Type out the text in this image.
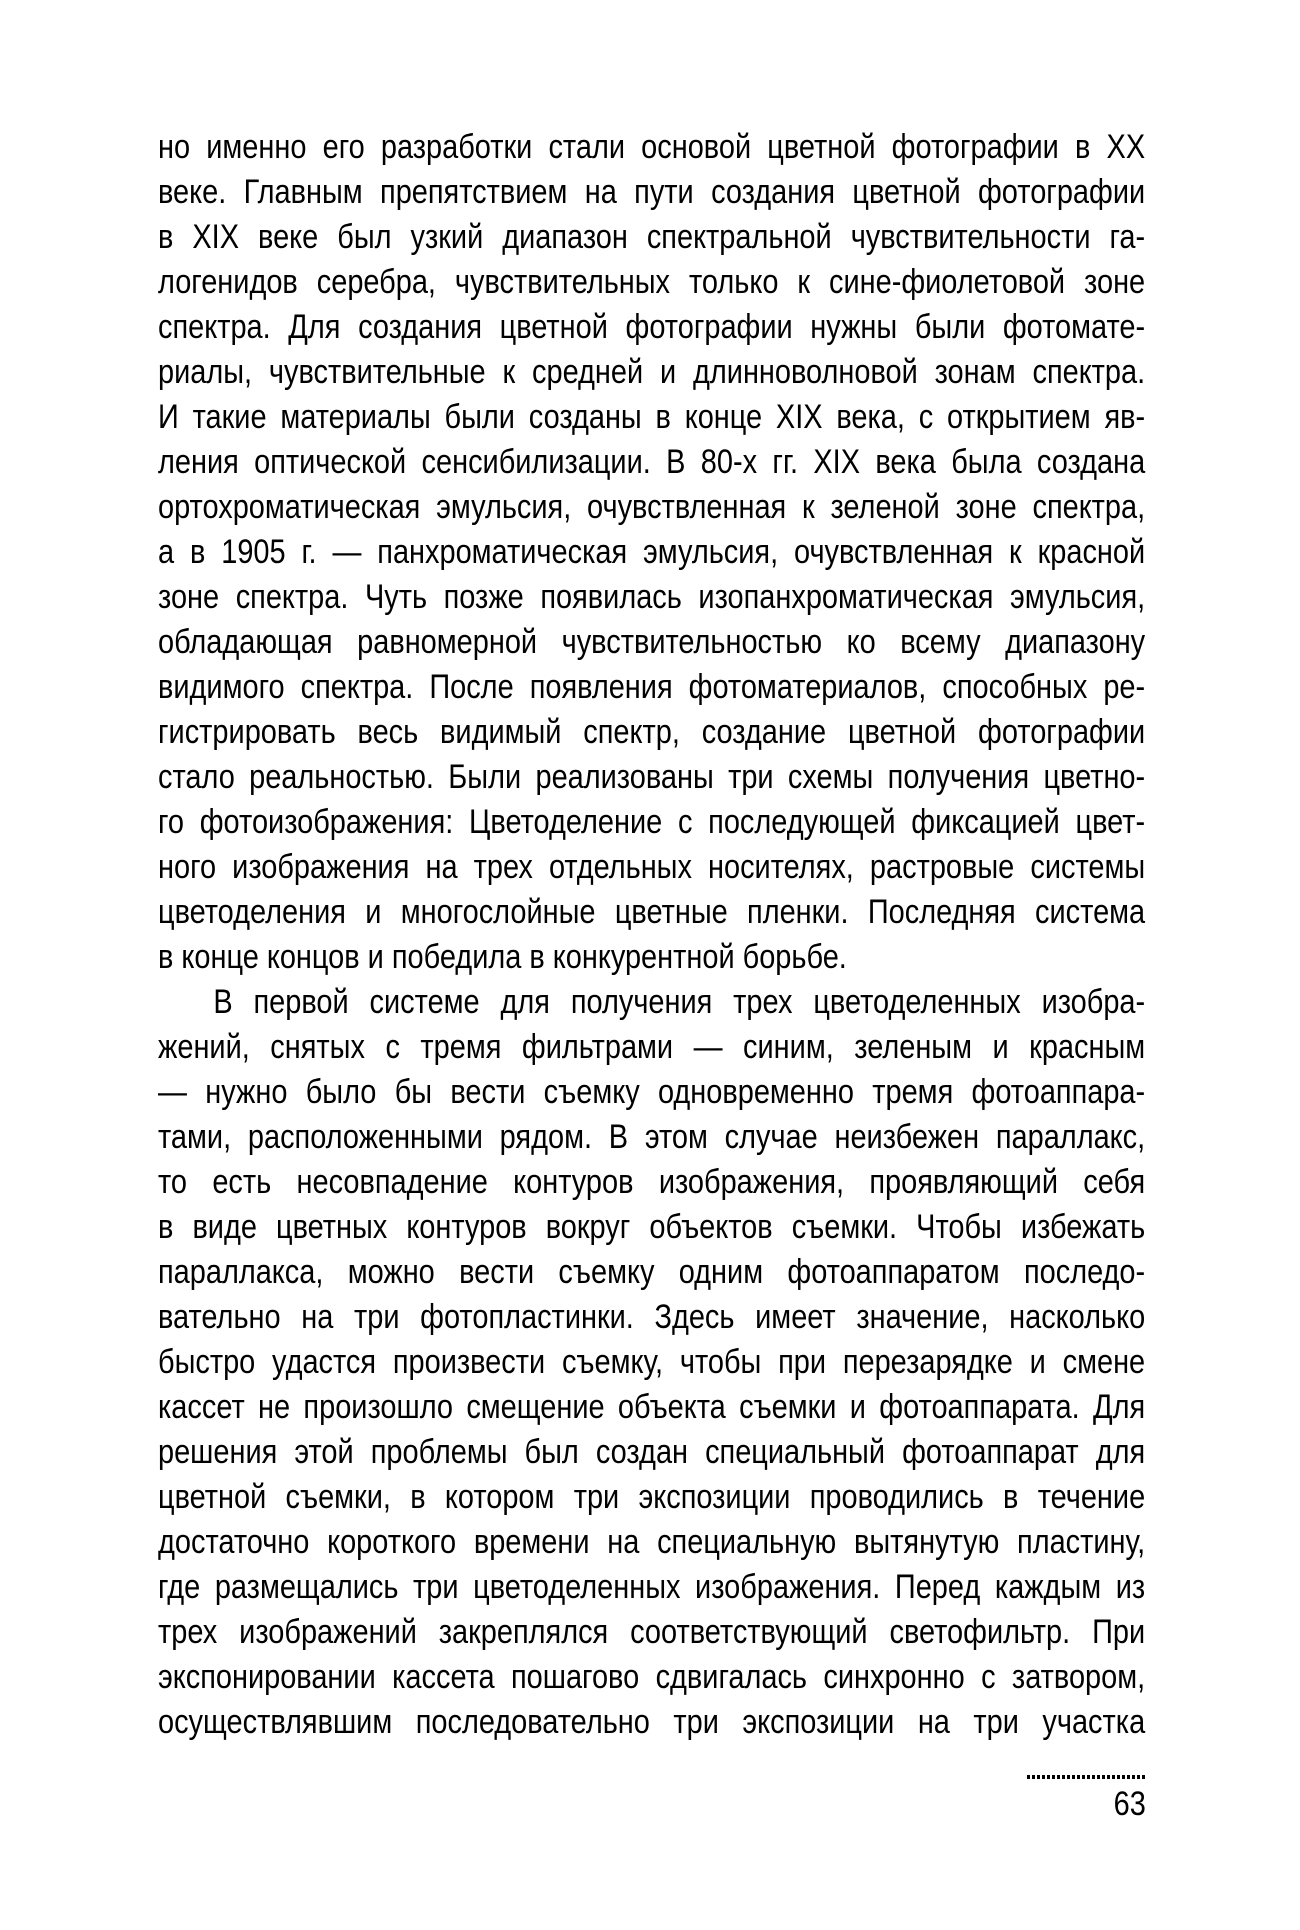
но именно его разработки стали основой цветной фотографии в XX
веке. Главным препятствием на пути создания цветной фотографии
в XIX веке был узкий диапазон спектральной чувствительности га-
логенидов серебра, чувствительных только к сине-фиолетовой зоне
спектра. Для создания цветной фотографии нужны были фотомате-
риалы, чувствительные к средней и длинноволновой зонам спектра.
И такие материалы были созданы в конце XIX века, с открытием яв-
ления оптической сенсибилизации. В 80-х гг. XIX века была создана
ортохроматическая эмульсия, очувствленная к зеленой зоне спектра,
а в 1905 г. — панхроматическая эмульсия, очувствленная к красной
зоне спектра. Чуть позже появилась изопанхроматическая эмульсия,
обладающая равномерной чувствительностью ко всему диапазону
видимого спектра. После появления фотоматериалов, способных ре-
гистрировать весь видимый спектр, создание цветной фотографии
стало реальностью. Были реализованы три схемы получения цветно-
го фотоизображения: Цветоделение с последующей фиксацией цвет-
ного изображения на трех отдельных носителях, растровые системы
цветоделения и многослойные цветные пленки. Последняя система
в конце концов и победила в конкурентной борьбе.
В первой системе для получения трех цветоделенных изобра-
жений, снятых с тремя фильтрами — синим, зеленым и красным
— нужно было бы вести съемку одновременно тремя фотоаппара-
тами, расположенными рядом. В этом случае неизбежен параллакс,
то есть несовпадение контуров изображения, проявляющий себя
в виде цветных контуров вокруг объектов съемки. Чтобы избежать
параллакса, можно вести съемку одним фотоаппаратом последо-
вательно на три фотопластинки. Здесь имеет значение, насколько
быстро удастся произвести съемку, чтобы при перезарядке и смене
кассет не произошло смещение объекта съемки и фотоаппарата. Для
решения этой проблемы был создан специальный фотоаппарат для
цветной съемки, в котором три экспозиции проводились в течение
достаточно короткого времени на специальную вытянутую пластину,
где размещались три цветоделенных изображения. Перед каждым из
трех изображений закреплялся соответствующий светофильтр. При
экспонировании кассета пошагово сдвигалась синхронно с затвором,
осуществлявшим последовательно три экспозиции на три участка
63
